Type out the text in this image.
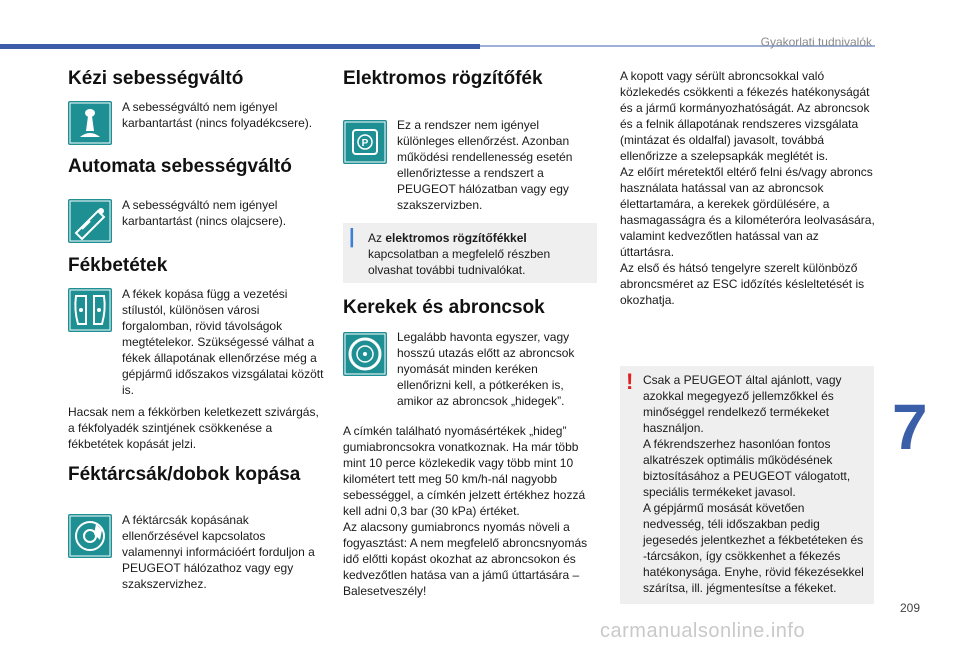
Gyakorlati tudnivalók
Kézi sebességváltó

A sebességváltó nem igényel karbantartást (nincs folyadékcsere).

Automata sebességváltó

A sebességváltó nem igényel karbantartást (nincs olajcsere).

Fékbetétek

A fékek kopása függ a vezetési stílustól, különösen városi forgalomban, rövid távolságok megtételekor. Szükségessé válhat a fékek állapotának ellenőrzése még a gépjármű időszakos vizsgálatai között is.

Hacsak nem a fékkörben keletkezett szivárgás, a fékfolyadék szintjének csökkenése a fékbetétek kopását jelzi.

Féktárcsák/dobok kopása

A féktárcsák kopásának ellenőrzésével kapcsolatos valamennyi információért forduljon a PEUGEOT hálózathoz vagy egy szakszervizhez.

Elektromos rögzítőfék
P

Ez a rendszer nem igényel különleges ellenőrzést. Azonban működési rendellenesség esetén ellenőriztesse a rendszert a PEUGEOT hálózatban vagy egy szakszervizben.

| Az elektromos rögzítőfékkel kapcsolatban a megfelelő részben olvashat további tudnivalókat.

Kerekek és abroncsok

Legalább havonta egyszer, vagy hosszú utazás előtt az abroncsok nyomását minden keréken ellenőrizni kell, a pótkeréken is, amikor az abroncsok „hidegek”.

A címkén található nyomásértékek „hideg” gumiabroncsokra vonatkoznak. Ha már több mint 10 perce közlekedik vagy több mint 10 kilométert tett meg 50 km/h-nál nagyobb sebességgel, a címkén jelzett értékhez hozzá kell adni 0,3 bar (30 kPa) értéket.
Az alacsony gumiabroncs nyomás növeli a fogyasztást: A nem megfelelő abroncsnyomás idő előtti kopást okozhat az abroncsokon és kedvezőtlen hatása van a jámű úttartására – Balesetveszély!

A kopott vagy sérült abroncsokkal való közlekedés csökkenti a fékezés hatékonyságát és a jármű kormányozhatóságát. Az abroncsok és a felnik állapotának rendszeres vizsgálata (mintázat és oldalfal) javasolt, továbbá ellenőrizze a szelepsapkák meglétét is.
Az előírt méretektől eltérő felni és/vagy abroncs használata hatással van az abroncsok élettartamára, a kerekek gördülésére, a hasmagasságra és a kilométeróra leolvasására, valamint kedvezőtlen hatással van az úttartásra.
Az első és hátsó tengelyre szerelt különböző abroncsméret az ESC időzítés késleltetését is okozhatja.

! Csak a PEUGEOT által ajánlott, vagy azokkal megegyező jellemzőkkel és minőséggel rendelkező termékeket használjon.
A fékrendszerhez hasonlóan fontos alkatrészek optimális működésének biztosításához a PEUGEOT válogatott, speciális termékeket javasol.
A gépjármű mosását követően nedvesség, téli időszakban pedig jegesedés jelentkezhet a fékbetéteken és -tárcsákon, így csökkenhet a fékezés hatékonysága. Enyhe, rövid fékezésekkel szárítsa, ill. jégmentesítse a fékeket.

7
209
carmanualsonline.info
